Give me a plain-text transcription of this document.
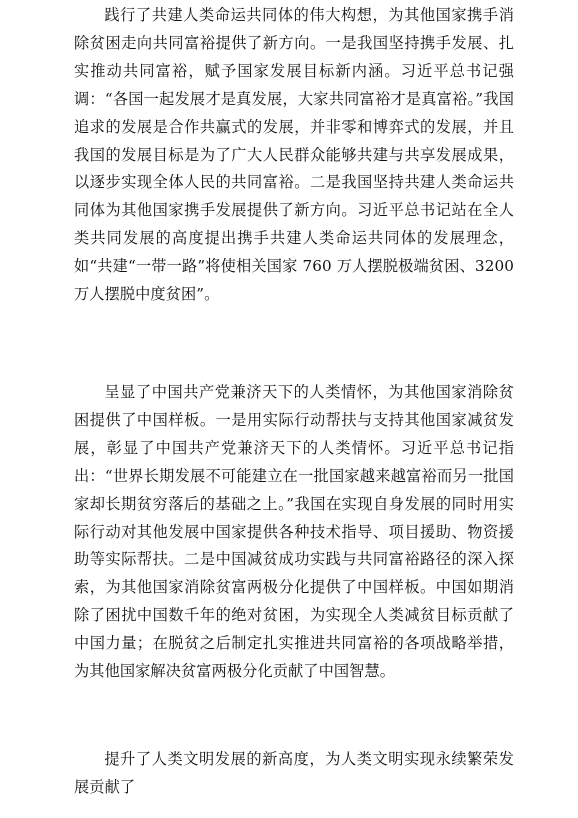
践行了共建人类命运共同体的伟大构想，为其他国家携手消除贫困走向共同富裕提供了新方向。一是我国坚持携手发展、扎实推动共同富裕，赋予国家发展目标新内涵。习近平总书记强调：“各国一起发展才是真发展，大家共同富裕才是真富裕。”我国追求的发展是合作共赢式的发展，并非零和博弈式的发展，并且我国的发展目标是为了广大人民群众能够共建与共享发展成果，以逐步实现全体人民的共同富裕。二是我国坚持共建人类命运共同体为其他国家携手发展提供了新方向。习近平总书记站在全人类共同发展的高度提出携手共建人类命运共同体的发展理念，如“共建“一带一路”将使相关国家 760 万人摆脱极端贫困、3200 万人摆脱中度贫困”。

呈显了中国共产党兼济天下的人类情怀，为其他国家消除贫困提供了中国样板。一是用实际行动帮扶与支持其他国家减贫发展，彰显了中国共产党兼济天下的人类情怀。习近平总书记指出：“世界长期发展不可能建立在一批国家越来越富裕而另一批国家却长期贫穷落后的基础之上。”我国在实现自身发展的同时用实际行动对其他发展中国家提供各种技术指导、项目援助、物资援助等实际帮扶。二是中国减贫成功实践与共同富裕路径的深入探索，为其他国家消除贫富两极分化提供了中国样板。中国如期消除了困扰中国数千年的绝对贫困，为实现全人类减贫目标贡献了中国力量；在脱贫之后制定扎实推进共同富裕的各项战略举措，为其他国家解决贫富两极分化贡献了中国智慧。

提升了人类文明发展的新高度，为人类文明实现永续繁荣发展贡献了
